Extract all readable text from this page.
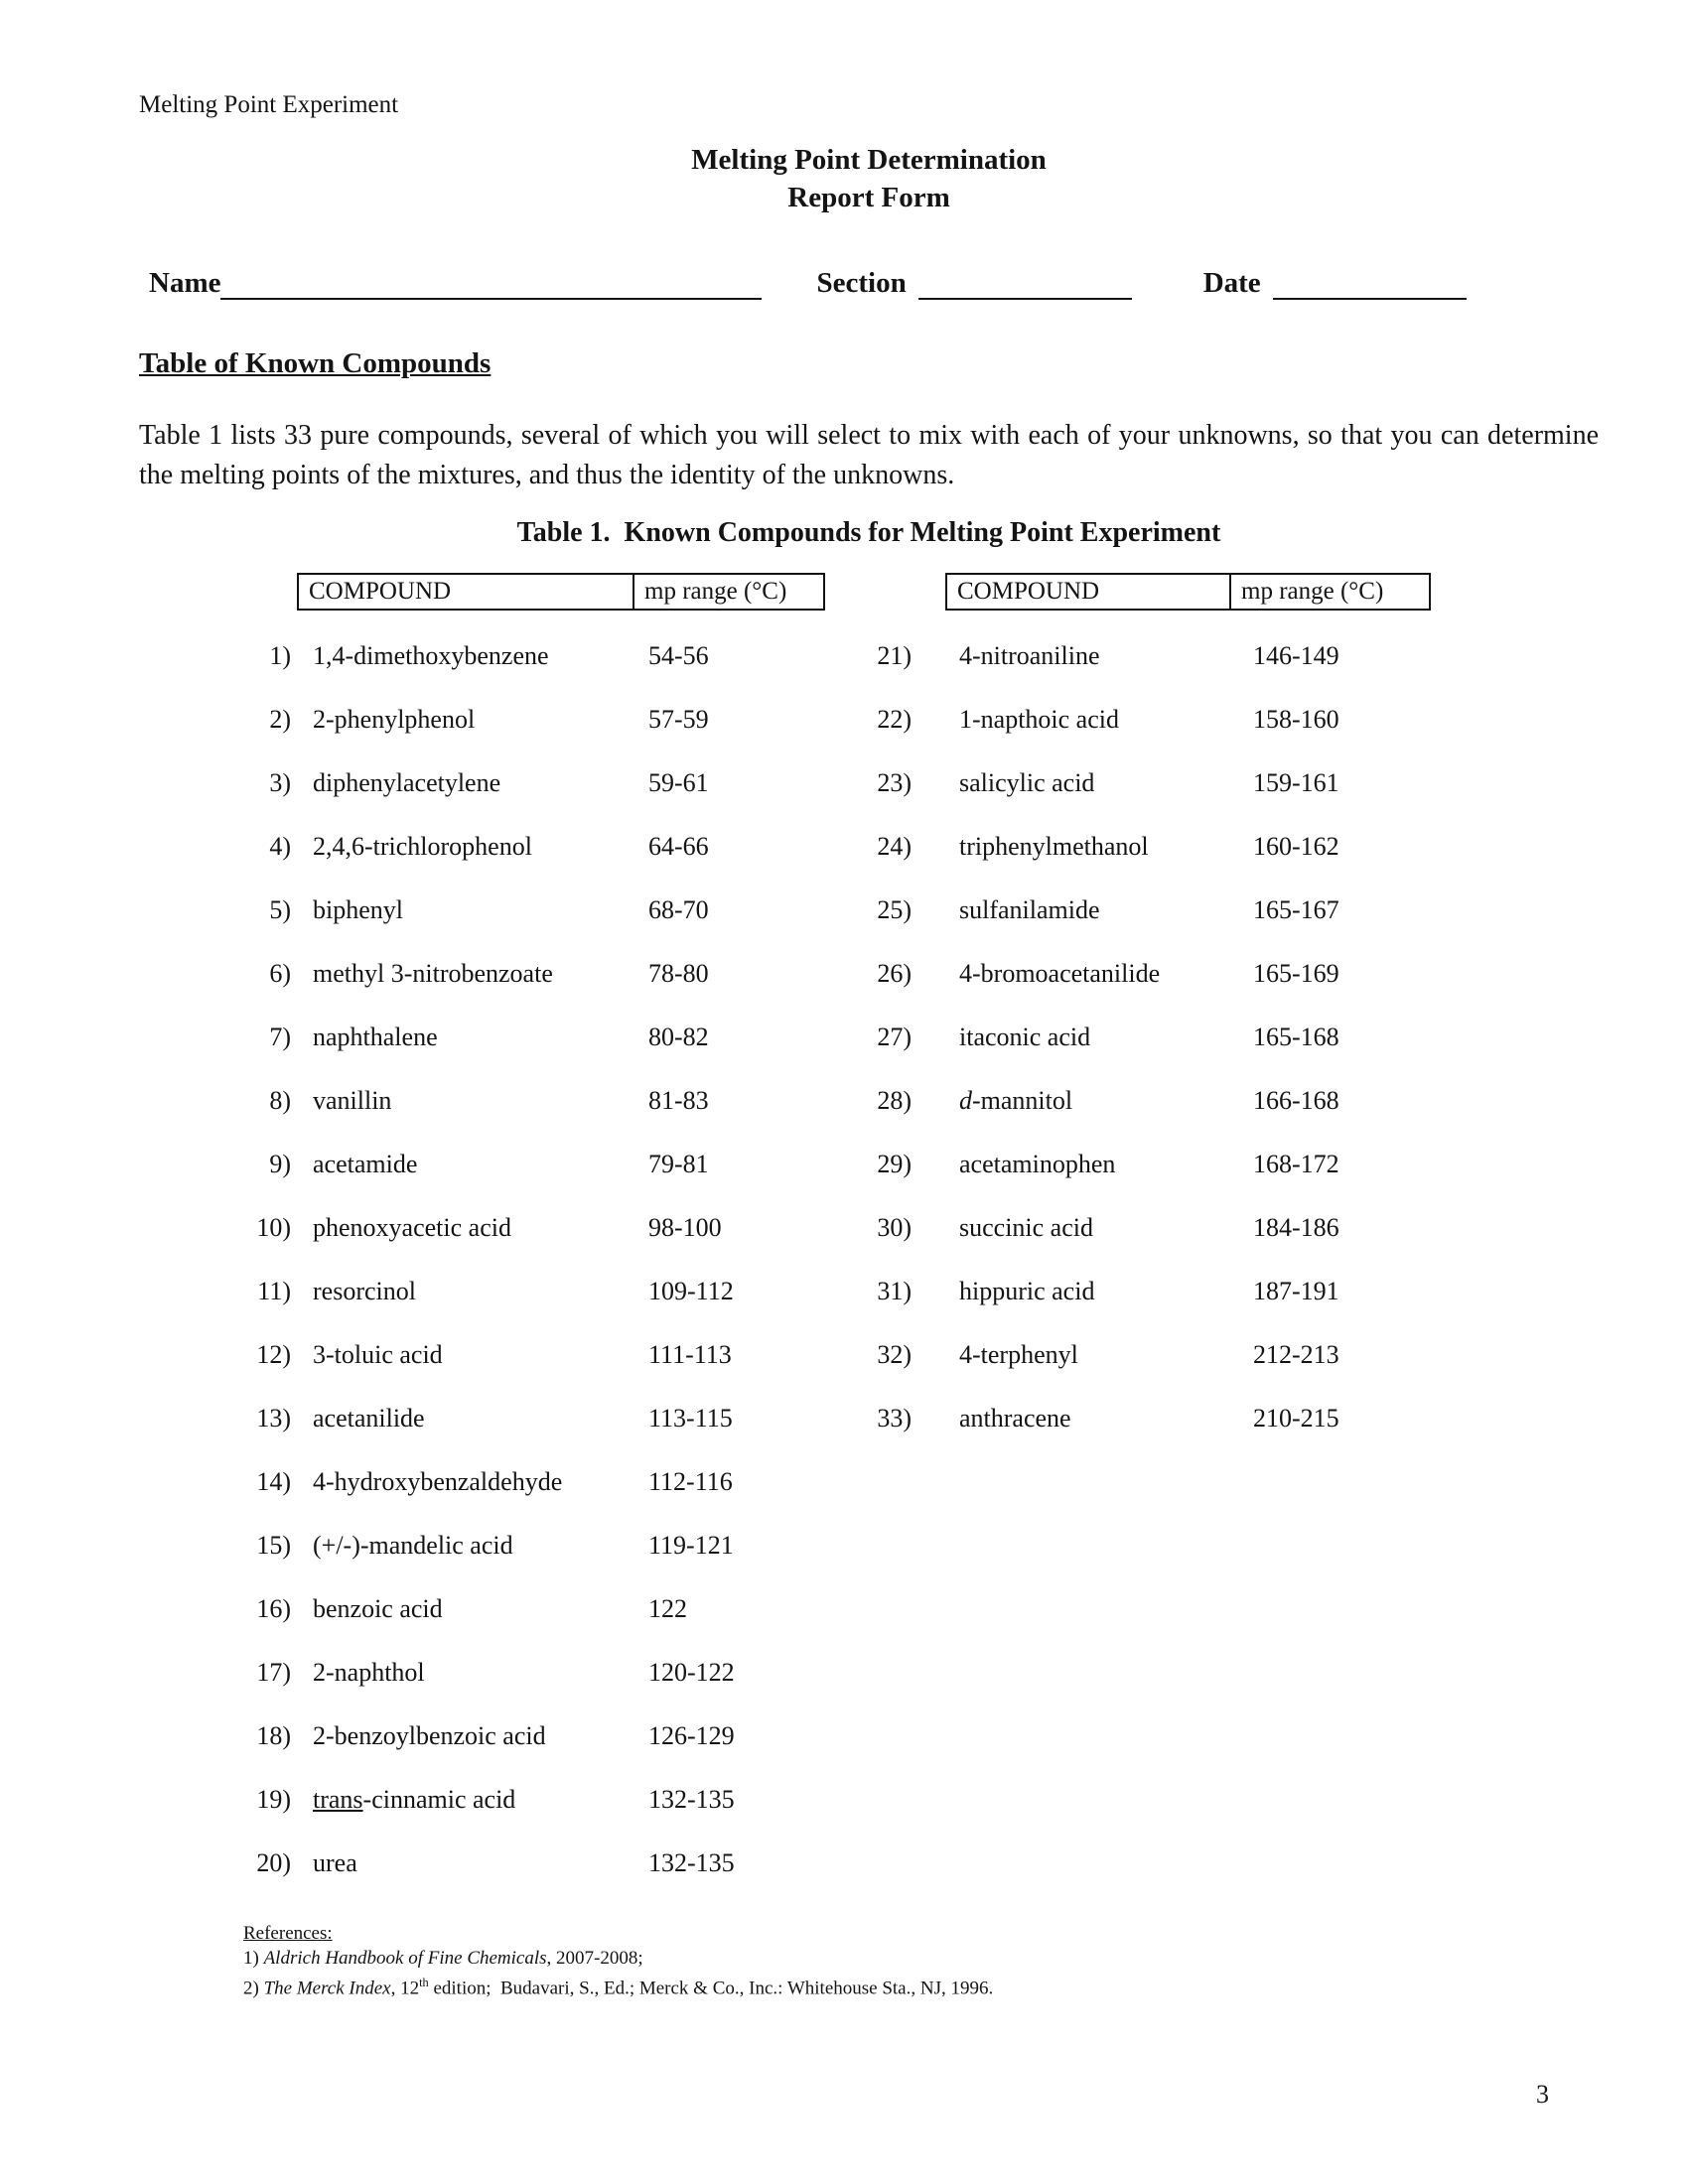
Melting Point Experiment
Melting Point Determination
Report Form
Name	Section	Date
Table of Known Compounds

Table 1 lists 33 pure compounds, several of which you will select to mix with each of your unknowns, so that you can determine the melting points of the mixtures, and thus the identity of the unknowns.

Table 1.  Known Compounds for Melting Point Experiment
COMPOUND	mp range (°C)
1) 1,4-dimethoxybenzene	54-56
2) 2-phenylphenol	57-59
3) diphenylacetylene	59-61
4) 2,4,6-trichlorophenol	64-66
5) biphenyl	68-70
6) methyl 3-nitrobenzoate	78-80
7) naphthalene	80-82
8) vanillin	81-83
9) acetamide	79-81
10) phenoxyacetic acid	98-100
11) resorcinol	109-112
12) 3-toluic acid	111-113
13) acetanilide	113-115
14) 4-hydroxybenzaldehyde	112-116
15) (+/-)-mandelic acid	119-121
16) benzoic acid	122
17) 2-naphthol	120-122
18) 2-benzoylbenzoic acid	126-129
19) trans-cinnamic acid	132-135
20) urea	132-135
COMPOUND	mp range (°C)
21) 4-nitroaniline	146-149
22) 1-napthoic acid	158-160
23) salicylic acid	159-161
24) triphenylmethanol	160-162
25) sulfanilamide	165-167
26) 4-bromoacetanilide	165-169
27) itaconic acid	165-168
28) d-mannitol	166-168
29) acetaminophen	168-172
30) succinic acid	184-186
31) hippuric acid	187-191
32) 4-terphenyl	212-213
33) anthracene	210-215
References:
1) Aldrich Handbook of Fine Chemicals, 2007-2008;
2) The Merck Index, 12th edition;  Budavari, S., Ed.; Merck & Co., Inc.: Whitehouse Sta., NJ, 1996.
3
